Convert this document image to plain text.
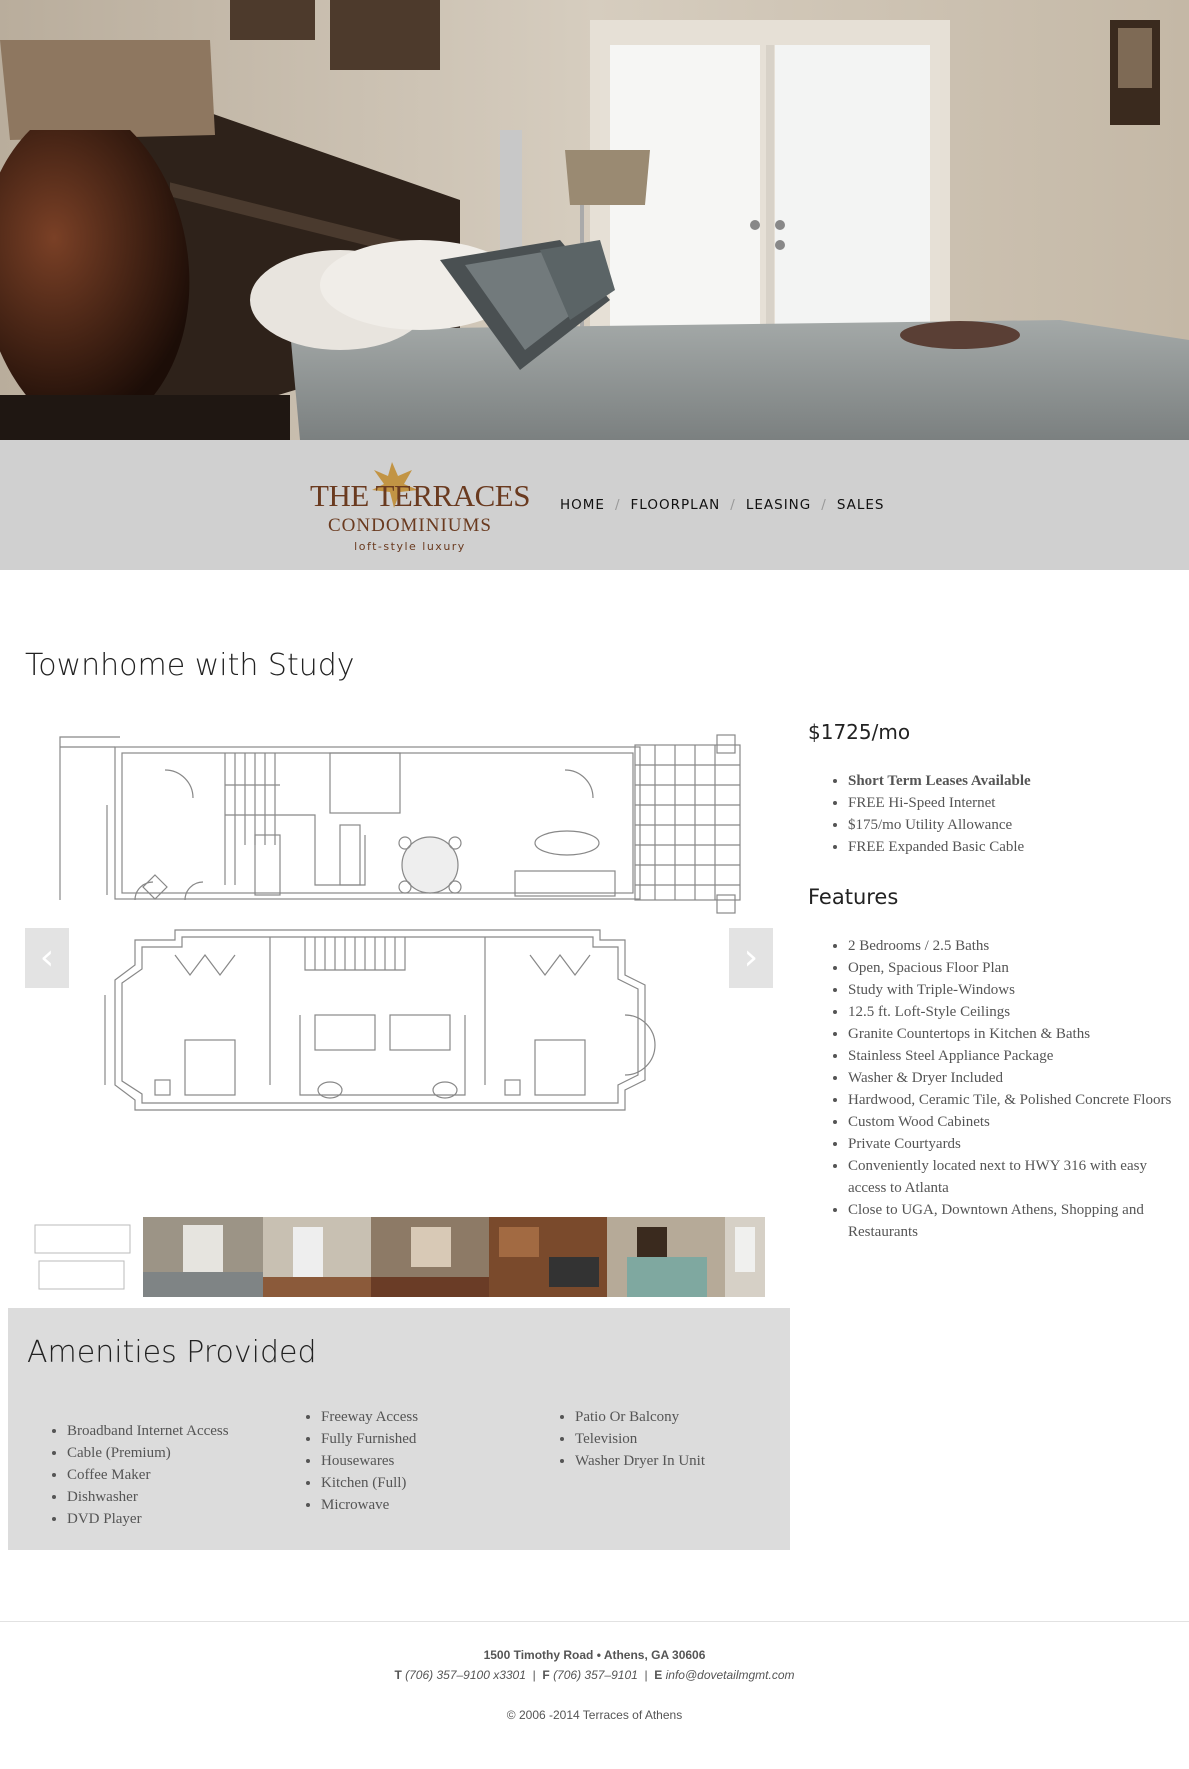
THE TERRACES
CONDOMINIUMS
loft-style luxury
HOME / FLOORPLAN / LEASING / SALES
Townhome with Study
‹	›
$1725/mo
• Short Term Leases Available
• FREE Hi-Speed Internet
• $175/mo Utility Allowance
• FREE Expanded Basic Cable
Features
• 2 Bedrooms / 2.5 Baths
• Open, Spacious Floor Plan
• Study with Triple-Windows
• 12.5 ft. Loft-Style Ceilings
• Granite Countertops in Kitchen & Baths
• Stainless Steel Appliance Package
• Washer & Dryer Included
• Hardwood, Ceramic Tile, & Polished Concrete Floors
• Custom Wood Cabinets
• Private Courtyards
• Conveniently located next to HWY 316 with easy access to Atlanta
• Close to UGA, Downtown Athens, Shopping and Restaurants
Amenities Provided
• Broadband Internet Access
• Cable (Premium)
• Coffee Maker
• Dishwasher
• DVD Player
• Freeway Access
• Fully Furnished
• Housewares
• Kitchen (Full)
• Microwave
• Patio Or Balcony
• Television
• Washer Dryer In Unit
1500 Timothy Road • Athens, GA 30606
T (706) 357–9100 x3301  |  F (706) 357–9101  |  E info@dovetailmgmt.com
© 2006 -2014 Terraces of Athens
